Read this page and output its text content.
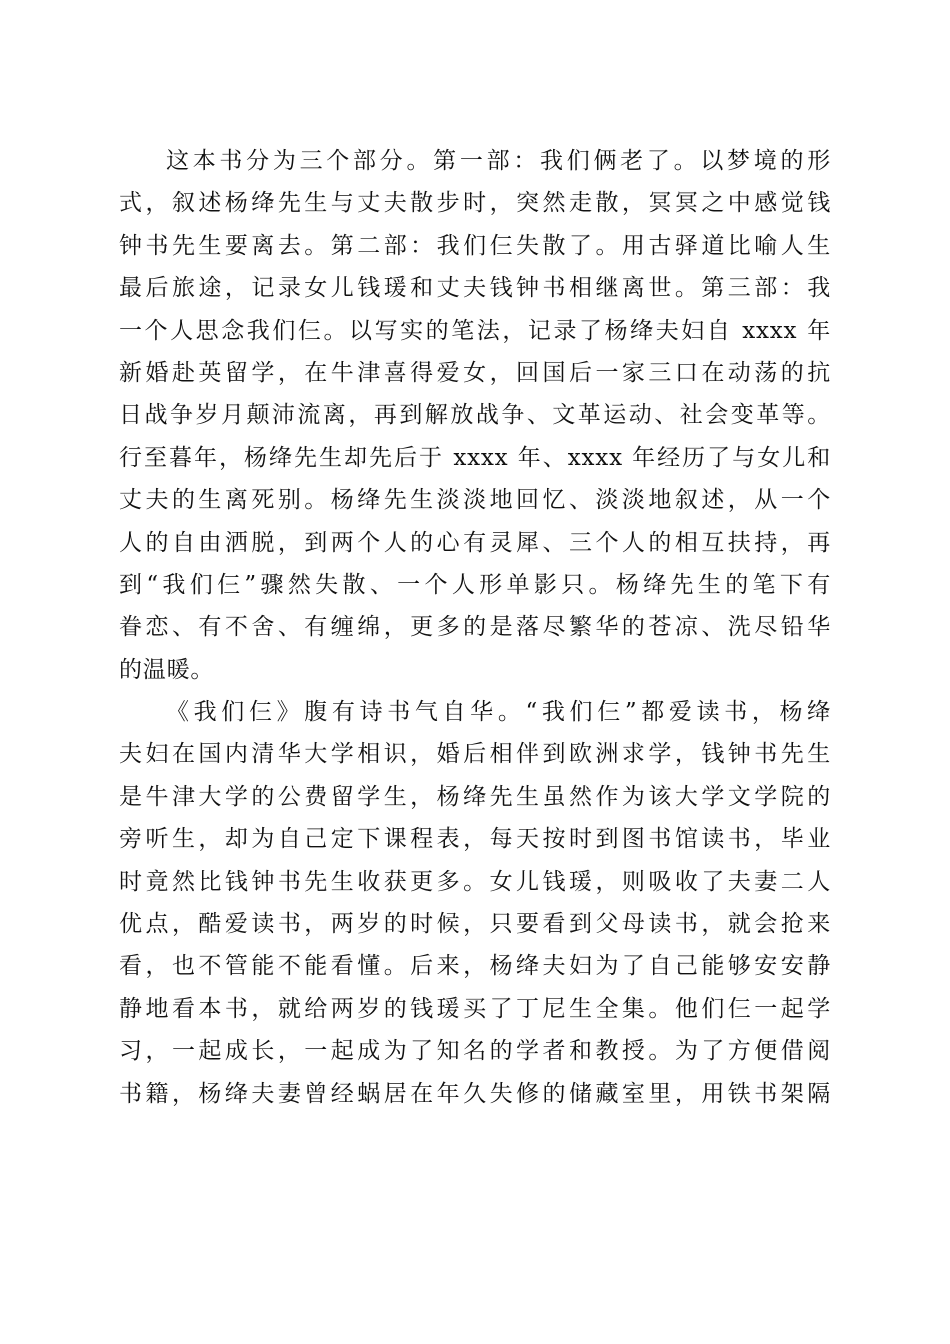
这本书分为三个部分。第一部：我们俩老了。以梦境的形
式，叙述杨绛先生与丈夫散步时，突然走散，冥冥之中感觉钱
钟书先生要离去。第二部：我们仨失散了。用古驿道比喻人生
最后旅途，记录女儿钱瑗和丈夫钱钟书相继离世。第三部：我
一个人思念我们仨。以写实的笔法，记录了杨绛夫妇自 xxxx 年
新婚赴英留学，在牛津喜得爱女，回国后一家三口在动荡的抗
日战争岁月颠沛流离，再到解放战争、文革运动、社会变革等。
行至暮年，杨绛先生却先后于 xxxx 年、xxxx 年经历了与女儿和
丈夫的生离死别。杨绛先生淡淡地回忆、淡淡地叙述，从一个
人的自由洒脱，到两个人的心有灵犀、三个人的相互扶持，再
到“我们仨”骤然失散、一个人形单影只。杨绛先生的笔下有
眷恋、有不舍、有缠绵，更多的是落尽繁华的苍凉、洗尽铅华
的温暖。
《我们仨》腹有诗书气自华。“我们仨”都爱读书，杨绛
夫妇在国内清华大学相识，婚后相伴到欧洲求学，钱钟书先生
是牛津大学的公费留学生，杨绛先生虽然作为该大学文学院的
旁听生，却为自己定下课程表，每天按时到图书馆读书，毕业
时竟然比钱钟书先生收获更多。女儿钱瑗，则吸收了夫妻二人
优点，酷爱读书，两岁的时候，只要看到父母读书，就会抢来
看，也不管能不能看懂。后来，杨绛夫妇为了自己能够安安静
静地看本书，就给两岁的钱瑗买了丁尼生全集。他们仨一起学
习，一起成长，一起成为了知名的学者和教授。为了方便借阅
书籍，杨绛夫妻曾经蜗居在年久失修的储藏室里，用铁书架隔
